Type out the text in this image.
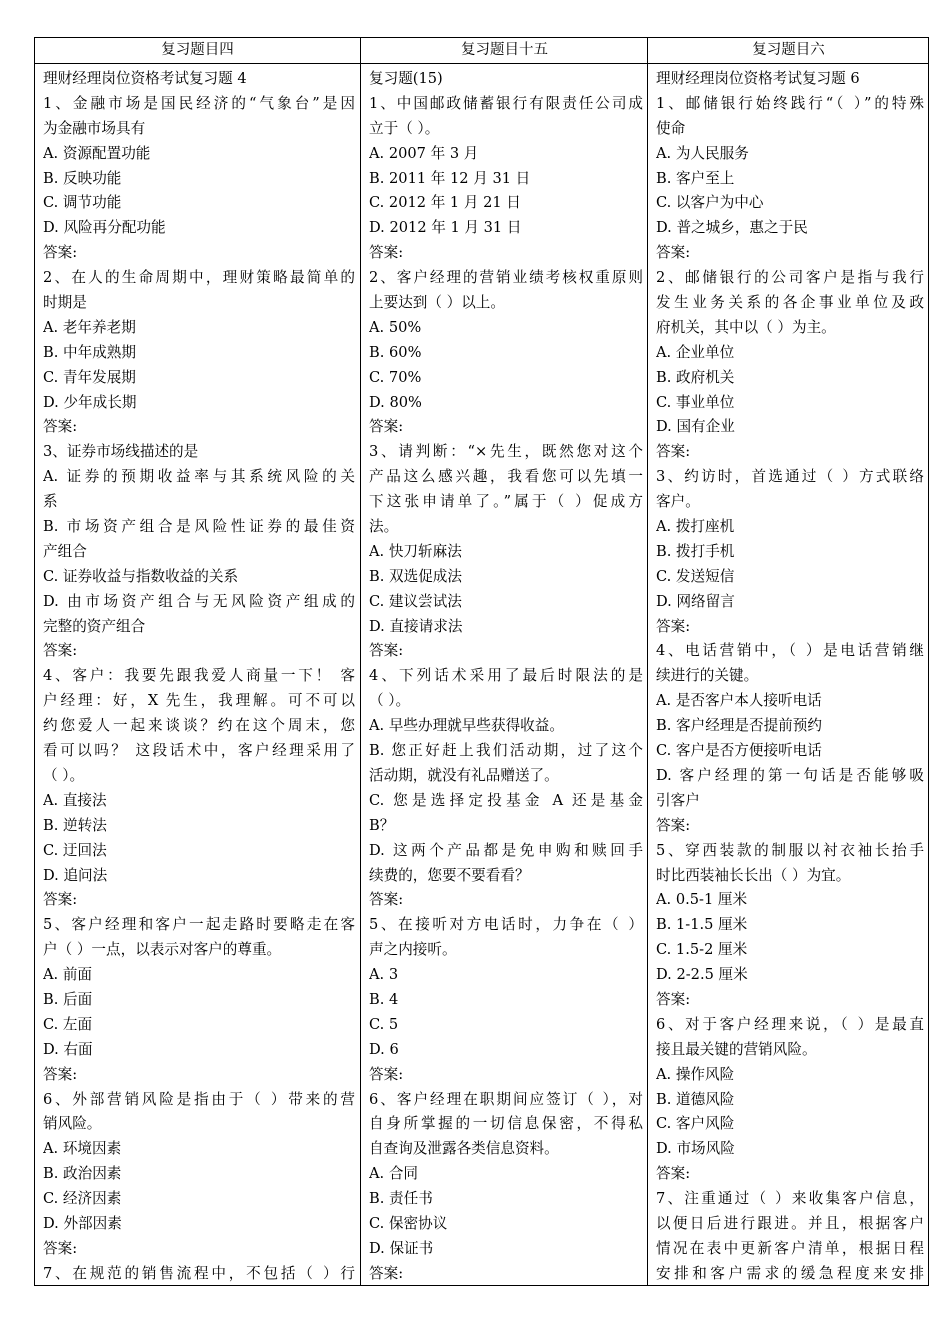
复习题目四
理财经理岗位资格考试复习题 4
1、金融市场是国民经济的“气象台”是因
为金融市场具有
A. 资源配置功能
B. 反映功能
C. 调节功能
D. 风险再分配功能
答案:
2、在人的生命周期中，理财策略最简单的
时期是
A. 老年养老期
B. 中年成熟期
C. 青年发展期
D. 少年成长期
答案:
3、证券市场线描述的是
A. 证券的预期收益率与其系统风险的关
系
B. 市场资产组合是风险性证券的最佳资
产组合
C. 证券收益与指数收益的关系
D. 由市场资产组合与无风险资产组成的
完整的资产组合
答案:
4、客户：我要先跟我爱人商量一下！ 客
户经理：好，X 先生，我理解。可不可以
约您爱人一起来谈谈？约在这个周末，您
看可以吗？ 这段话术中，客户经理采用了
（ ）。
A. 直接法
B. 逆转法
C. 迂回法
D. 追问法
答案:
5、客户经理和客户一起走路时要略走在客
户（ ）一点，以表示对客户的尊重。
A. 前面
B. 后面
C. 左面
D. 右面
答案:
6、外部营销风险是指由于（ ）带来的营
销风险。
A. 环境因素
B. 政治因素
C. 经济因素
D. 外部因素
答案:
7、在规范的销售流程中，不包括（ ）行
复习题目十五
复习题(15)
1、中国邮政储蓄银行有限责任公司成
立于（ ）。
A. 2007 年 3 月
B. 2011 年 12 月 31 日
C. 2012 年 1 月 21 日
D. 2012 年 1 月 31 日
答案:
2、客户经理的营销业绩考核权重原则
上要达到（ ）以上。
A. 50%
B. 60%
C. 70%
D. 80%
答案:
3、请判断：“×先生，既然您对这个
产品这么感兴趣，我看您可以先填一
下这张申请单了。”属于（ ）促成方
法。
A. 快刀斩麻法
B. 双选促成法
C. 建议尝试法
D. 直接请求法
答案:
4、下列话术采用了最后时限法的是
（ ）。
A. 早些办理就早些获得收益。
B. 您正好赶上我们活动期，过了这个
活动期，就没有礼品赠送了。
C. 您是选择定投基金 A 还是基金
B？
D. 这两个产品都是免申购和赎回手
续费的，您要不要看看？
答案:
5、在接听对方电话时，力争在（ ）
声之内接听。
A. 3
B. 4
C. 5
D. 6
答案:
6、客户经理在职期间应签订（ ），对
自身所掌握的一切信息保密，不得私
自查询及泄露各类信息资料。
A. 合同
B. 责任书
C. 保密协议
D. 保证书
答案:
复习题目六
理财经理岗位资格考试复习题 6
1、邮储银行始终践行“（ ）”的特殊
使命
A. 为人民服务
B. 客户至上
C. 以客户为中心
D. 普之城乡，惠之于民
答案:
2、邮储银行的公司客户是指与我行
发生业务关系的各企事业单位及政
府机关，其中以（ ）为主。
A. 企业单位
B. 政府机关
C. 事业单位
D. 国有企业
答案:
3、约访时，首选通过（ ）方式联络
客户。
A. 拨打座机
B. 拨打手机
C. 发送短信
D. 网络留言
答案:
4、电话营销中，（ ）是电话营销继
续进行的关键。
A. 是否客户本人接听电话
B. 客户经理是否提前预约
C. 客户是否方便接听电话
D. 客户经理的第一句话是否能够吸
引客户
答案:
5、穿西装款的制服以衬衣袖长抬手
时比西装袖长长出（ ）为宜。
A. 0.5-1 厘米
B. 1-1.5 厘米
C. 1.5-2 厘米
D. 2-2.5 厘米
答案:
6、对于客户经理来说，（ ）是最直
接且最关键的营销风险。
A. 操作风险
B. 道德风险
C. 客户风险
D. 市场风险
答案:
7、注重通过（ ）来收集客户信息，
以便日后进行跟进。并且，根据客户
情况在表中更新客户清单，根据日程
安排和客户需求的缓急程度来安排
